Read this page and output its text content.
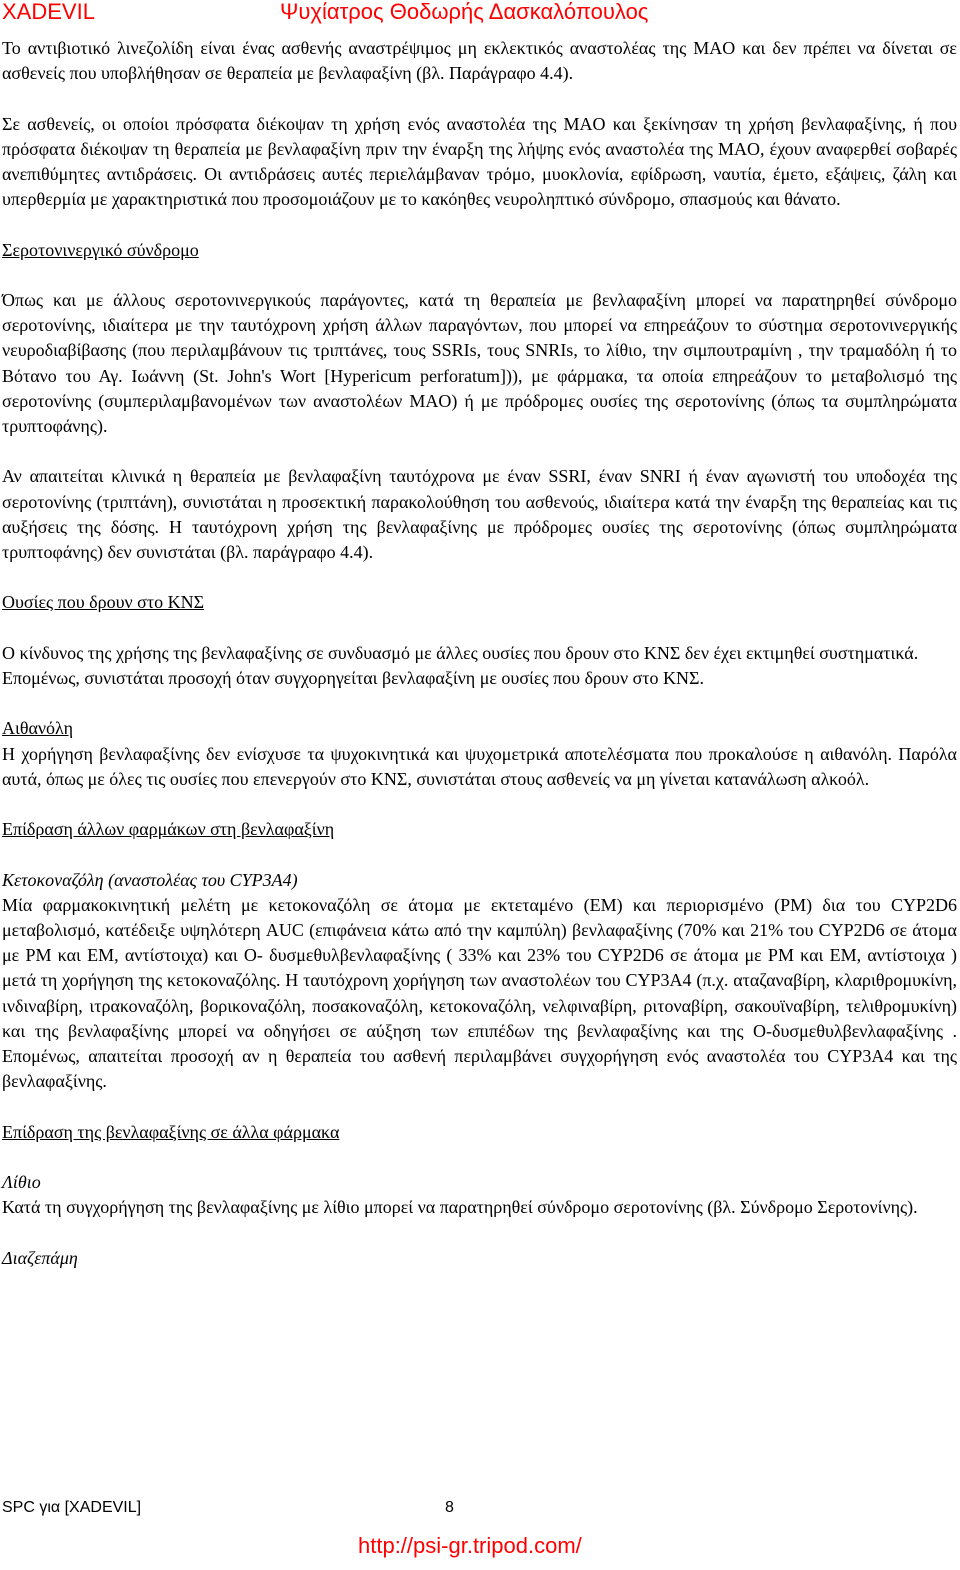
XADEVIL	Ψυχίατρος Θοδωρής Δασκαλόπουλος

Το αντιβιοτικό λινεζολίδη είναι ένας ασθενής αναστρέψιμος μη εκλεκτικός αναστολέας της MAO και δεν πρέπει να δίνεται σε ασθενείς που υποβλήθησαν σε θεραπεία με βενλαφαξίνη (βλ. Παράγραφο 4.4).

Σε ασθενείς, οι οποίοι πρόσφατα διέκοψαν τη χρήση ενός αναστολέα της MAO και ξεκίνησαν τη χρήση βενλαφαξίνης, ή που πρόσφατα διέκοψαν τη θεραπεία με βενλαφαξίνη πριν την έναρξη της λήψης ενός αναστολέα της MAO, έχουν αναφερθεί σοβαρές ανεπιθύμητες αντιδράσεις. Οι αντιδράσεις αυτές περιελάμβαναν τρόμο, μυοκλονία, εφίδρωση, ναυτία, έμετο, εξάψεις, ζάλη και υπερθερμία με χαρακτηριστικά που προσομοιάζουν με το κακόηθες νευροληπτικό σύνδρομο, σπασμούς και θάνατο.

Σεροτονινεργικό σύνδρομο

Όπως και με άλλους σεροτονινεργικούς παράγοντες, κατά τη θεραπεία με βενλαφαξίνη μπορεί να παρατηρηθεί σύνδρομο σεροτονίνης, ιδιαίτερα με την ταυτόχρονη χρήση άλλων παραγόντων, που μπορεί να επηρεάζουν το σύστημα σεροτονινεργικής νευροδιαβίβασης (που περιλαμβάνουν τις τριπτάνες, τους SSRIs, τους SNRIs, το λίθιο, την σιμπουτραμίνη , την τραμαδόλη ή το Βότανο του Αγ. Ιωάννη (St. John's Wort [Hypericum perforatum])), με φάρμακα, τα οποία επηρεάζουν το μεταβολισμό της σεροτονίνης (συμπεριλαμβανομένων των αναστολέων MAO) ή με πρόδρομες ουσίες της σεροτονίνης (όπως τα συμπληρώματα τρυπτοφάνης).

Αν απαιτείται κλινικά η θεραπεία με βενλαφαξίνη ταυτόχρονα με έναν SSRI, έναν SNRI ή έναν αγωνιστή του υποδοχέα της σεροτονίνης (τριπτάνη), συνιστάται η προσεκτική παρακολούθηση του ασθενούς, ιδιαίτερα κατά την έναρξη της θεραπείας και τις αυξήσεις της δόσης. Η ταυτόχρονη χρήση της βενλαφαξίνης με πρόδρομες ουσίες της σεροτονίνης (όπως συμπληρώματα τρυπτοφάνης) δεν συνιστάται (βλ. παράγραφο 4.4).

Ουσίες που δρουν στο ΚΝΣ

Ο κίνδυνος της χρήσης της βενλαφαξίνης σε συνδυασμό με άλλες ουσίες που δρουν στο ΚΝΣ δεν έχει εκτιμηθεί συστηματικά. Επομένως, συνιστάται προσοχή όταν συγχορηγείται βενλαφαξίνη με ουσίες που δρουν στο ΚΝΣ.

Αιθανόλη

Η χορήγηση βενλαφαξίνης δεν ενίσχυσε τα ψυχοκινητικά και ψυχομετρικά αποτελέσματα που προκαλούσε η αιθανόλη. Παρόλα αυτά, όπως με όλες τις ουσίες που επενεργούν στο ΚΝΣ, συνιστάται στους ασθενείς να μη γίνεται κατανάλωση αλκοόλ.

Επίδραση άλλων φαρμάκων στη βενλαφαξίνη
Κετοκοναζόλη (αναστολέας του CYP3A4)

Μία φαρμακοκινητική μελέτη με κετοκοναζόλη σε άτομα με εκτεταμένο (EM) και περιορισμένο (PM) δια του CYP2D6 μεταβολισμό, κατέδειξε υψηλότερη AUC (επιφάνεια κάτω από την καμπύλη) βενλαφαξίνης (70% και 21% του CYP2D6 σε άτομα με PM και EM, αντίστοιχα) και O- δυσμεθυλβενλαφαξίνης ( 33% και 23% του CYP2D6 σε άτομα με PM και EM, αντίστοιχα ) μετά τη χορήγηση της κετοκοναζόλης. Η ταυτόχρονη χορήγηση των αναστολέων του CYP3A4 (π.χ. αταζαναβίρη, κλαριθρομυκίνη, ινδιναβίρη, ιτρακοναζόλη, βορικοναζόλη, ποσακοναζόλη, κετοκοναζόλη, νελφιναβίρη, ριτοναβίρη, σακουϊναβίρη, τελιθρομυκίνη) και της βενλαφαξίνης μπορεί να οδηγήσει σε αύξηση των επιπέδων της βενλαφαξίνης και της O-δυσμεθυλβενλαφαξίνης . Επομένως, απαιτείται προσοχή αν η θεραπεία του ασθενή περιλαμβάνει συγχορήγηση ενός αναστολέα του CYP3A4 και της βενλαφαξίνης.

Επίδραση της βενλαφαξίνης σε άλλα φάρμακα
Λίθιο

Κατά τη συγχορήγηση της βενλαφαξίνης με λίθιο μπορεί να παρατηρηθεί σύνδρομο σεροτονίνης (βλ. Σύνδρομο Σεροτονίνης).

Διαζεπάμη
SPC για [XADEVIL]	8
http://psi-gr.tripod.com/
